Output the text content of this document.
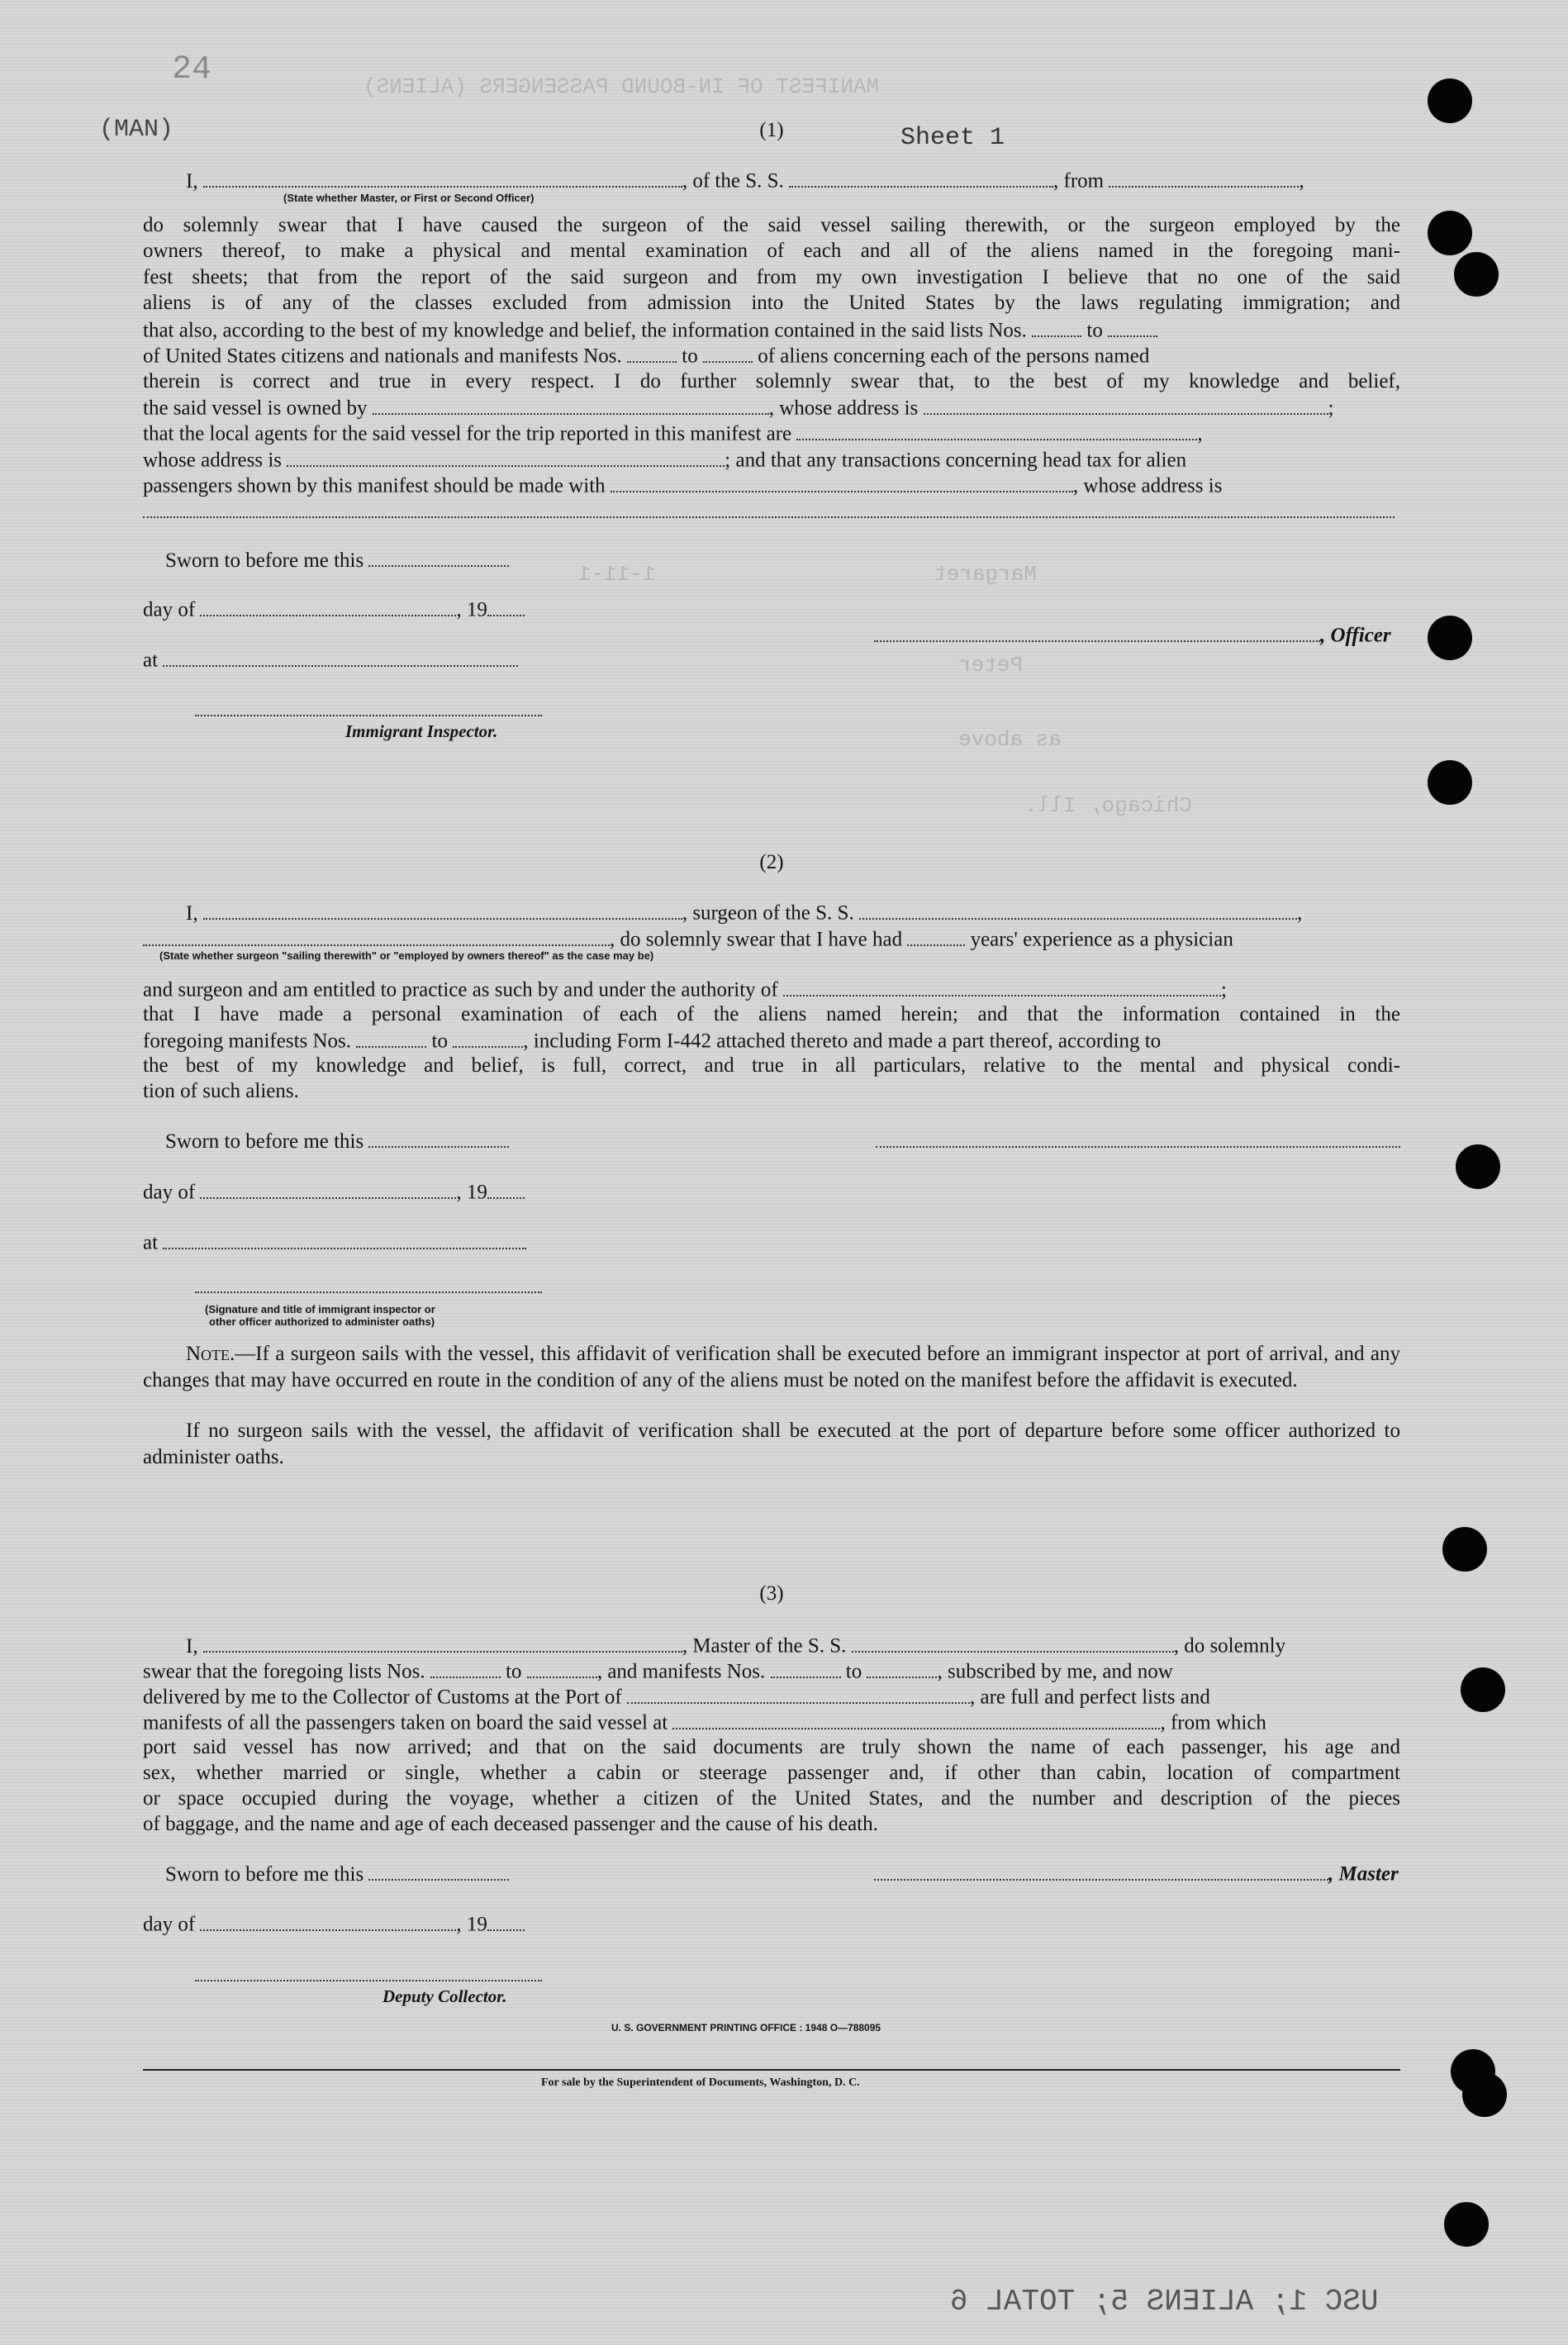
24
(MAN)	Sheet 1
USC 1; ALIENS 5; TOTAL 6
MANIFEST OF IN-BOUND PASSENGERS (ALIENS)
1-11-1	Margaret
Peter
as above
Chicago, Ill.
(1)
I,	, of the S. S.	, from	,
(State whether Master, or First or Second Officer)
do solemnly swear that I have caused the surgeon of the said vessel sailing therewith, or the surgeon employed by the
owners thereof, to make a physical and mental examination of each and all of the aliens named in the foregoing mani-
fest sheets; that from the report of the said surgeon and from my own investigation I believe that no one of the said
aliens is of any of the classes excluded from admission into the United States by the laws regulating immigration; and
that also, according to the best of my knowledge and belief, the information contained in the said lists Nos.	to
of United States citizens and nationals and manifests Nos.	to	of aliens concerning each of the persons named
therein is correct and true in every respect. I do further solemnly swear that, to the best of my knowledge and belief,
the said vessel is owned by	, whose address is	;
that the local agents for the said vessel for the trip reported in this manifest are	,
whose address is	; and that any transactions concerning head tax for alien
passengers shown by this manifest should be made with	, whose address is
Sworn to before me this
day of	, 19
at
, Officer
Immigrant Inspector.
(2)
I,	, surgeon of the S. S.	,
, do solemnly swear that I have had	years' experience as a physician
(State whether surgeon "sailing therewith" or "employed by owners thereof" as the case may be)
and surgeon and am entitled to practice as such by and under the authority of	;
that I have made a personal examination of each of the aliens named herein; and that the information contained in the
foregoing manifests Nos.	to	, including Form I-442 attached thereto and made a part thereof, according to
the best of my knowledge and belief, is full, correct, and true in all particulars, relative to the mental and physical condi-
tion of such aliens.
Sworn to before me this
day of	, 19
at
(Signature and title of immigrant inspector or
other officer authorized to administer oaths)
Note.—If a surgeon sails with the vessel, this affidavit of verification shall be executed before an immigrant inspector at port of arrival, and any changes that may have occurred en route in the condition of any of the aliens must be noted on the manifest before the affidavit is executed.
If no surgeon sails with the vessel, the affidavit of verification shall be executed at the port of departure before some officer authorized to administer oaths.
(3)
I,	, Master of the S. S.	, do solemnly
swear that the foregoing lists Nos.	to	, and manifests Nos.	to	, subscribed by me, and now
delivered by me to the Collector of Customs at the Port of	, are full and perfect lists and
manifests of all the passengers taken on board the said vessel at	, from which
port said vessel has now arrived; and that on the said documents are truly shown the name of each passenger, his age and
sex, whether married or single, whether a cabin or steerage passenger and, if other than cabin, location of compartment
or space occupied during the voyage, whether a citizen of the United States, and the number and description of the pieces
of baggage, and the name and age of each deceased passenger and the cause of his death.
Sworn to before me this	, Master
day of	, 19
Deputy Collector.
U. S. GOVERNMENT PRINTING OFFICE : 1948 O—788095
For sale by the Superintendent of Documents, Washington, D. C.
